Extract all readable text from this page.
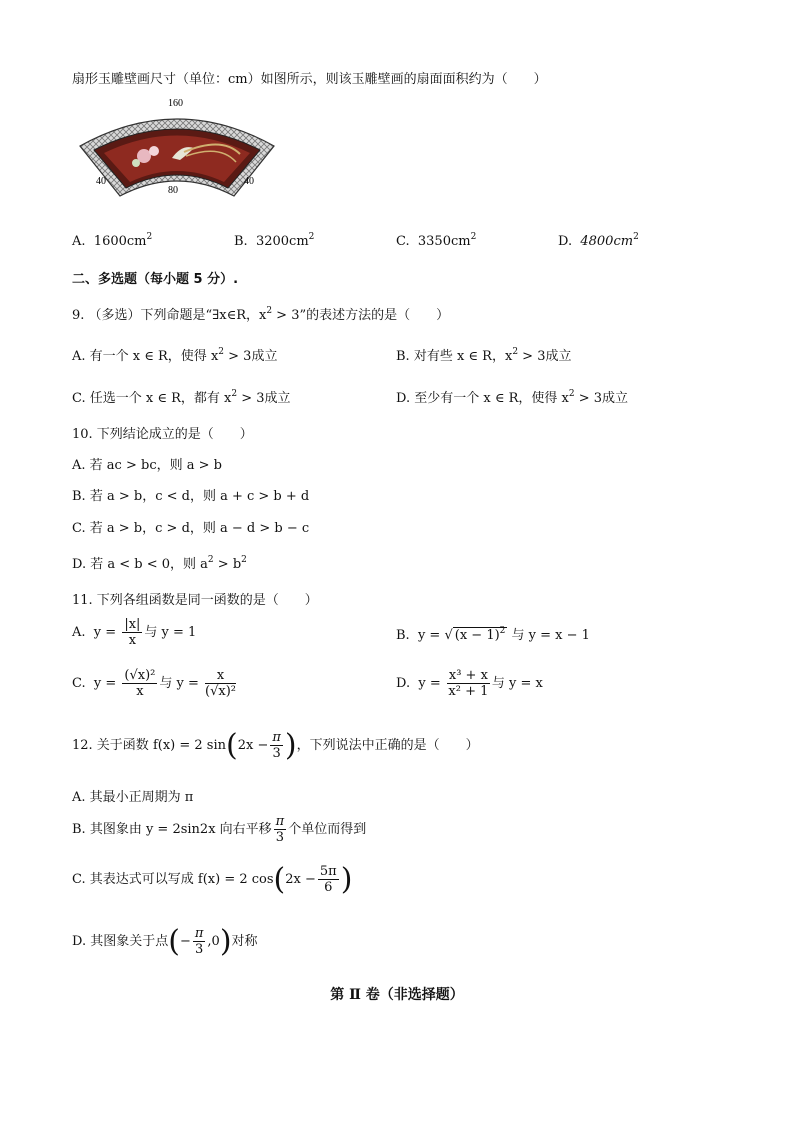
扇形玉雕壁画尺寸（单位：cm）如图所示，则该玉雕壁画的扇面面积约为（　　）
160
80
40	40
A. $1600cm^2$	B. $3200cm^2$	C. $3350cm^2$	D. $4800cm^2$
二、多选题（每小题 5 分）.
9. （多选）下列命题是“∃x∈R，$x^2 > 3$”的表述方法的是（　　）
A. 有一个 x ∈ R，使得 $x^2 > 3$成立	B. 对有些 x ∈ R，$x^2 > 3$成立
C. 任选一个 x ∈ R，都有 $x^2 > 3$成立	D. 至少有一个 x ∈ R，使得 $x^2 > 3$成立
10. 下列结论成立的是（　　）
A. 若 ac > bc，则 a > b
B. 若 a > b，c < d，则 a + c > b + d
C. 若 a > b，c > d，则 a − d > b − c
D. 若 a < b < 0，则 $a^2 > b^2$
11. 下列各组函数是同一函数的是（　　）
A. $y = \frac{|x|}{x}$ 与 y = 1	B. y = √ $(x - 1)^2$ 与 y = x − 1
C. $y = \frac{\text{(√x)²}}{x}$ 与 $y = \frac{x}{\text{(√x)²}}$	D. $y = \frac{\text{x³ + x}}{\text{x² + 1}}$ 与 y = x
12. 关于函数 f(x) = 2 $\sin(2x - \frac{\pi}{3}$ )，下列说法中正确的是（　　）
A. 其最小正周期为 π
B. 其图象由 y = 2sin2x 向右平移 $\frac{\pi}{3}$ 个单位而得到
C. 其表达式可以写成 f(x) = 2 $\cos(2x - \frac{5\pi}{6}$ )
D. 其图象关于点(− $\frac{\pi}{3} ,0$)对称
第 Ⅱ 卷（非选择题）
